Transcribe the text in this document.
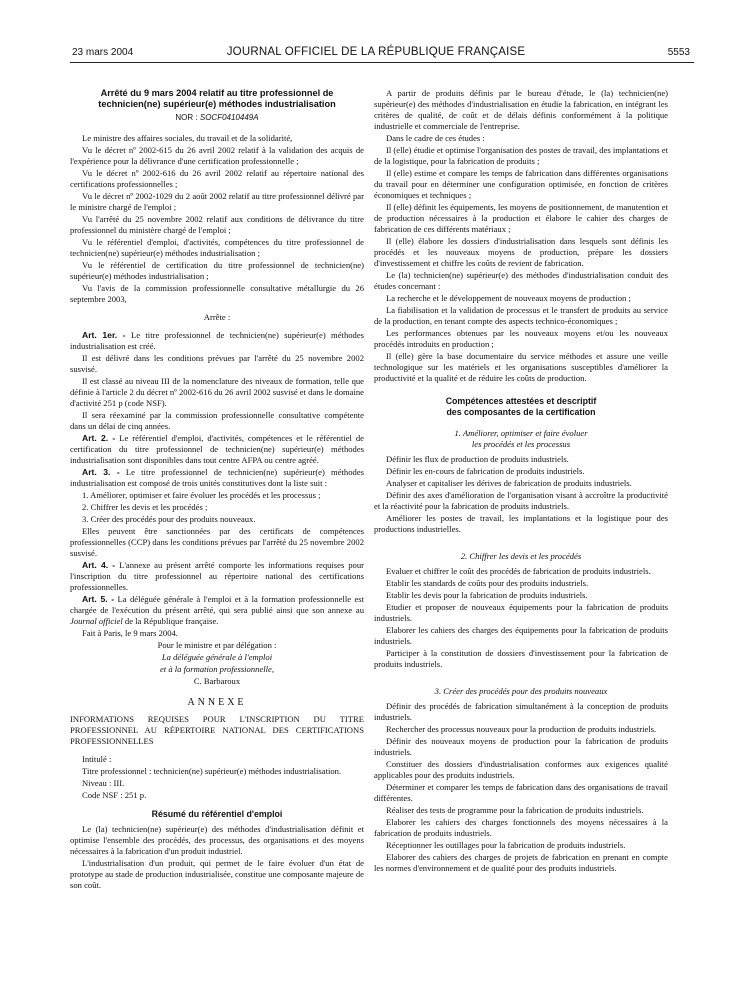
23 mars 2004	JOURNAL OFFICIEL DE LA RÉPUBLIQUE FRANÇAISE	5553
Arrêté du 9 mars 2004 relatif au titre professionnel de technicien(ne) supérieur(e) méthodes industrialisation
NOR : SOCF0410449A

Le ministre des affaires sociales, du travail et de la solidarité,

Vu le décret nº 2002-615 du 26 avril 2002 relatif à la validation des acquis de l'expérience pour la délivrance d'une certification professionnelle ;

Vu le décret nº 2002-616 du 26 avril 2002 relatif au répertoire national des certifications professionnelles ;

Vu le décret nº 2002-1029 du 2 août 2002 relatif au titre professionnel délivré par le ministre chargé de l'emploi ;

Vu l'arrêté du 25 novembre 2002 relatif aux conditions de délivrance du titre professionnel du ministère chargé de l'emploi ;

Vu le référentiel d'emploi, d'activités, compétences du titre professionnel de technicien(ne) supérieur(e) méthodes industrialisation ;

Vu le référentiel de certification du titre professionnel de technicien(ne) supérieur(e) méthodes industrialisation ;

Vu l'avis de la commission professionnelle consultative métallurgie du 26 septembre 2003,

Arrête :

Art. 1er. - Le titre professionnel de technicien(ne) supérieur(e) méthodes industrialisation est créé.

Il est délivré dans les conditions prévues par l'arrêté du 25 novembre 2002 susvisé.

Il est classé au niveau III de la nomenclature des niveaux de formation, telle que définie à l'article 2 du décret nº 2002-616 du 26 avril 2002 susvisé et dans le domaine d'activité 251 p (code NSF).

Il sera réexaminé par la commission professionnelle consultative compétente dans un délai de cinq années.

Art. 2. - Le référentiel d'emploi, d'activités, compétences et le référentiel de certification du titre professionnel de technicien(ne) supérieur(e) méthodes industrialisation sont disponibles dans tout centre AFPA ou centre agréé.

Art. 3. - Le titre professionnel de technicien(ne) supérieur(e) méthodes industrialisation est composé de trois unités constitutives dont la liste suit :

1. Améliorer, optimiser et faire évoluer les procédés et les processus ;

2. Chiffrer les devis et les procédés ;

3. Créer des procédés pour des produits nouveaux.

Elles peuvent être sanctionnées par des certificats de compétences professionnelles (CCP) dans les conditions prévues par l'arrêté du 25 novembre 2002 susvisé.

Art. 4. - L'annexe au présent arrêté comporte les informations requises pour l'inscription du titre professionnel au répertoire national des certifications professionnelles.

Art. 5. - La déléguée générale à l'emploi et à la formation professionnelle est chargée de l'exécution du présent arrêté, qui sera publié ainsi que son annexe au Journal officiel de la République française.

Fait à Paris, le 9 mars 2004.

Pour le ministre et par délégation :

La déléguée générale à l'emploi

et à la formation professionnelle,

C. Barbaroux

ANNEXE

INFORMATIONS REQUISES POUR L'INSCRIPTION DU TITRE PROFESSIONNEL AU RÉPERTOIRE NATIONAL DES CERTIFICATIONS PROFESSIONNELLES

Intitulé :

Titre professionnel : technicien(ne) supérieur(e) méthodes industrialisation.

Niveau : III.

Code NSF : 251 p.

Résumé du référentiel d'emploi

Le (la) technicien(ne) supérieur(e) des méthodes d'industrialisation définit et optimise l'ensemble des procédés, des processus, des organisations et des moyens nécessaires à la fabrication d'un produit industriel.

L'industrialisation d'un produit, qui permet de le faire évoluer d'un état de prototype au stade de production industrialisée, constitue une composante majeure de son coût.

A partir de produits définis par le bureau d'étude, le (la) technicien(ne) supérieur(e) des méthodes d'industrialisation en étudie la fabrication, en intégrant les critères de qualité, de coût et de délais définis conformément à la politique industrielle et commerciale de l'entreprise.

Dans le cadre de ces études :

Il (elle) étudie et optimise l'organisation des postes de travail, des implantations et de la logistique, pour la fabrication de produits ;

Il (elle) estime et compare les temps de fabrication dans différentes organisations du travail pour en déterminer une configuration optimisée, en fonction de critères économiques et techniques ;

Il (elle) définit les équipements, les moyens de positionnement, de manutention et de production nécessaires à la production et élabore le cahier des charges de fabrication de ces différents matériaux ;

Il (elle) élabore les dossiers d'industrialisation dans lesquels sont définis les procédés et les nouveaux moyens de production, prépare les dossiers d'investissement et chiffre les coûts de revient de fabrication.

Le (la) technicien(ne) supérieur(e) des méthodes d'industrialisation conduit des études concernant :

La recherche et le développement de nouveaux moyens de production ;

La fiabilisation et la validation de processus et le transfert de produits au service de la production, en tenant compte des aspects technico-économiques ;

Les performances obtenues par les nouveaux moyens et/ou les nouveaux procédés introduits en production ;

Il (elle) gère la base documentaire du service méthodes et assure une veille technologique sur les matériels et les organisations susceptibles d'améliorer la productivité et la qualité et de réduire les coûts de production.

Compétences attestées et descriptif
des composantes de la certification
1. Améliorer, optimiser et faire évoluer
les procédés et les processus

Définir les flux de production de produits industriels.

Définir les en-cours de fabrication de produits industriels.

Analyser et capitaliser les dérives de fabrication de produits industriels.

Définir des axes d'amélioration de l'organisation visant à accroître la productivité et la réactivité pour la fabrication de produits industriels.

Améliorer les postes de travail, les implantations et la logistique pour des productions industrielles.

2. Chiffrer les devis et les procédés

Evaluer et chiffrer le coût des procédés de fabrication de produits industriels.

Etablir les standards de coûts pour des produits industriels.

Etablir les devis pour la fabrication de produits industriels.

Etudier et proposer de nouveaux équipements pour la fabrication de produits industriels.

Elaborer les cahiers des charges des équipements pour la fabrication de produits industriels.

Participer à la constitution de dossiers d'investissement pour la fabrication de produits industriels.

3. Créer des procédés pour des produits nouveaux

Définir des procédés de fabrication simultanément à la conception de produits industriels.

Rechercher des processus nouveaux pour la production de produits industriels.

Définir des nouveaux moyens de production pour la fabrication de produits industriels.

Constituer des dossiers d'industrialisation conformes aux exigences qualité applicables pour des produits industriels.

Déterminer et comparer les temps de fabrication dans des organisations de travail différentes.

Réaliser des tests de programme pour la fabrication de produits industriels.

Elaborer les cahiers des charges fonctionnels des moyens nécessaires à la fabrication de produits industriels.

Réceptionner les outillages pour la fabrication de produits industriels.

Elaborer des cahiers des charges de projets de fabrication en prenant en compte les normes d'environnement et de qualité pour des produits industriels.
